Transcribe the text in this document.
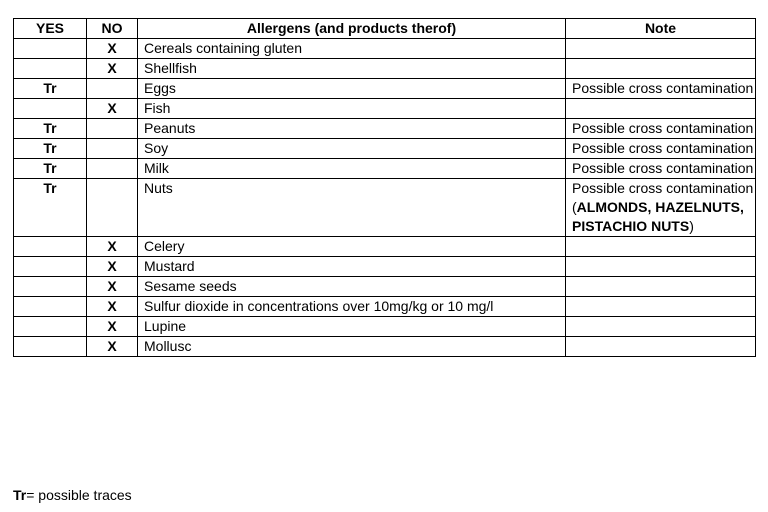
YES	NO	Allergens (and products therof)	Note
	X	Cereals containing gluten	
	X	Shellfish	
Tr		Eggs	Possible cross contamination
	X	Fish	
Tr		Peanuts	Possible cross contamination
Tr		Soy	Possible cross contamination
Tr		Milk	Possible cross contamination
Tr		Nuts	Possible cross contamination (ALMONDS, HAZELNUTS, PISTACHIO NUTS)
	X	Celery	
	X	Mustard	
	X	Sesame seeds	
	X	Sulfur dioxide in concentrations over 10mg/kg or 10 mg/l	
	X	Lupine	
	X	Mollusc	
Tr= possible traces
